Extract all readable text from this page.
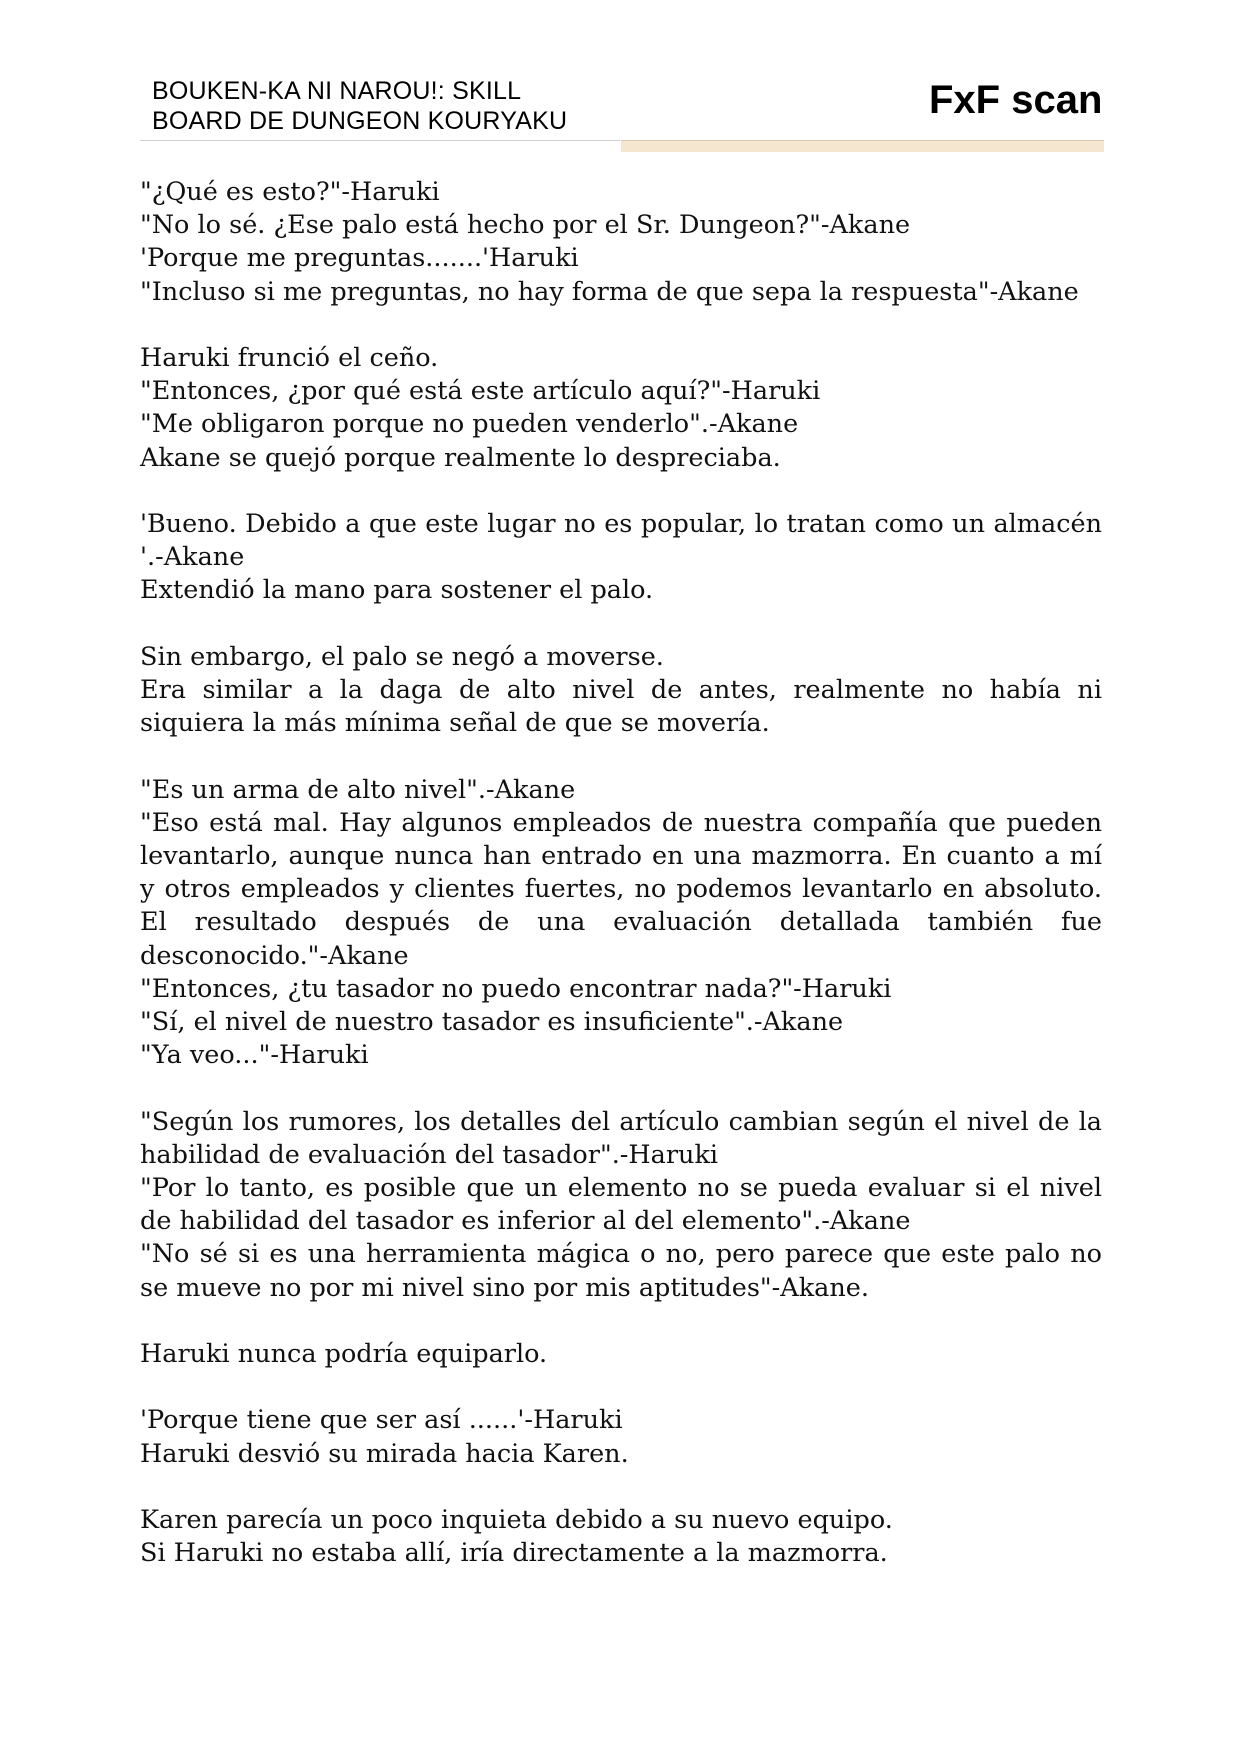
BOUKEN-KA NI NAROU!: SKILL
BOARD DE DUNGEON KOURYAKU	FxF scan

"¿Qué es esto?"-Haruki
"No lo sé. ¿Ese palo está hecho por el Sr. Dungeon?"-Akane
'Porque me preguntas.......'Haruki
"Incluso si me preguntas, no hay forma de que sepa la respuesta"-Akane

Haruki frunció el ceño.
"Entonces, ¿por qué está este artículo aquí?"-Haruki
"Me obligaron porque no pueden venderlo".-Akane
Akane se quejó porque realmente lo despreciaba.

'Bueno. Debido a que este lugar no es popular, lo tratan como un almacén '.-Akane
Extendió la mano para sostener el palo.

Sin embargo, el palo se negó a moverse.
Era similar a la daga de alto nivel de antes, realmente no había ni siquiera la más mínima señal de que se movería.

"Es un arma de alto nivel".-Akane
"Eso está mal. Hay algunos empleados de nuestra compañía que pueden levantarlo, aunque nunca han entrado en una mazmorra. En cuanto a mí y otros empleados y clientes fuertes, no podemos levantarlo en absoluto. El resultado después de una evaluación detallada también fue desconocido."-Akane
"Entonces, ¿tu tasador no puedo encontrar nada?"-Haruki
"Sí, el nivel de nuestro tasador es insuficiente".-Akane
"Ya veo..."-Haruki

"Según los rumores, los detalles del artículo cambian según el nivel de la habilidad de evaluación del tasador".-Haruki
"Por lo tanto, es posible que un elemento no se pueda evaluar si el nivel de habilidad del tasador es inferior al del elemento".-Akane
"No sé si es una herramienta mágica o no, pero parece que este palo no se mueve no por mi nivel sino por mis aptitudes"-Akane.

Haruki nunca podría equiparlo.

'Porque tiene que ser así ......'-Haruki
Haruki desvió su mirada hacia Karen.

Karen parecía un poco inquieta debido a su nuevo equipo.
Si Haruki no estaba allí, iría directamente a la mazmorra.
